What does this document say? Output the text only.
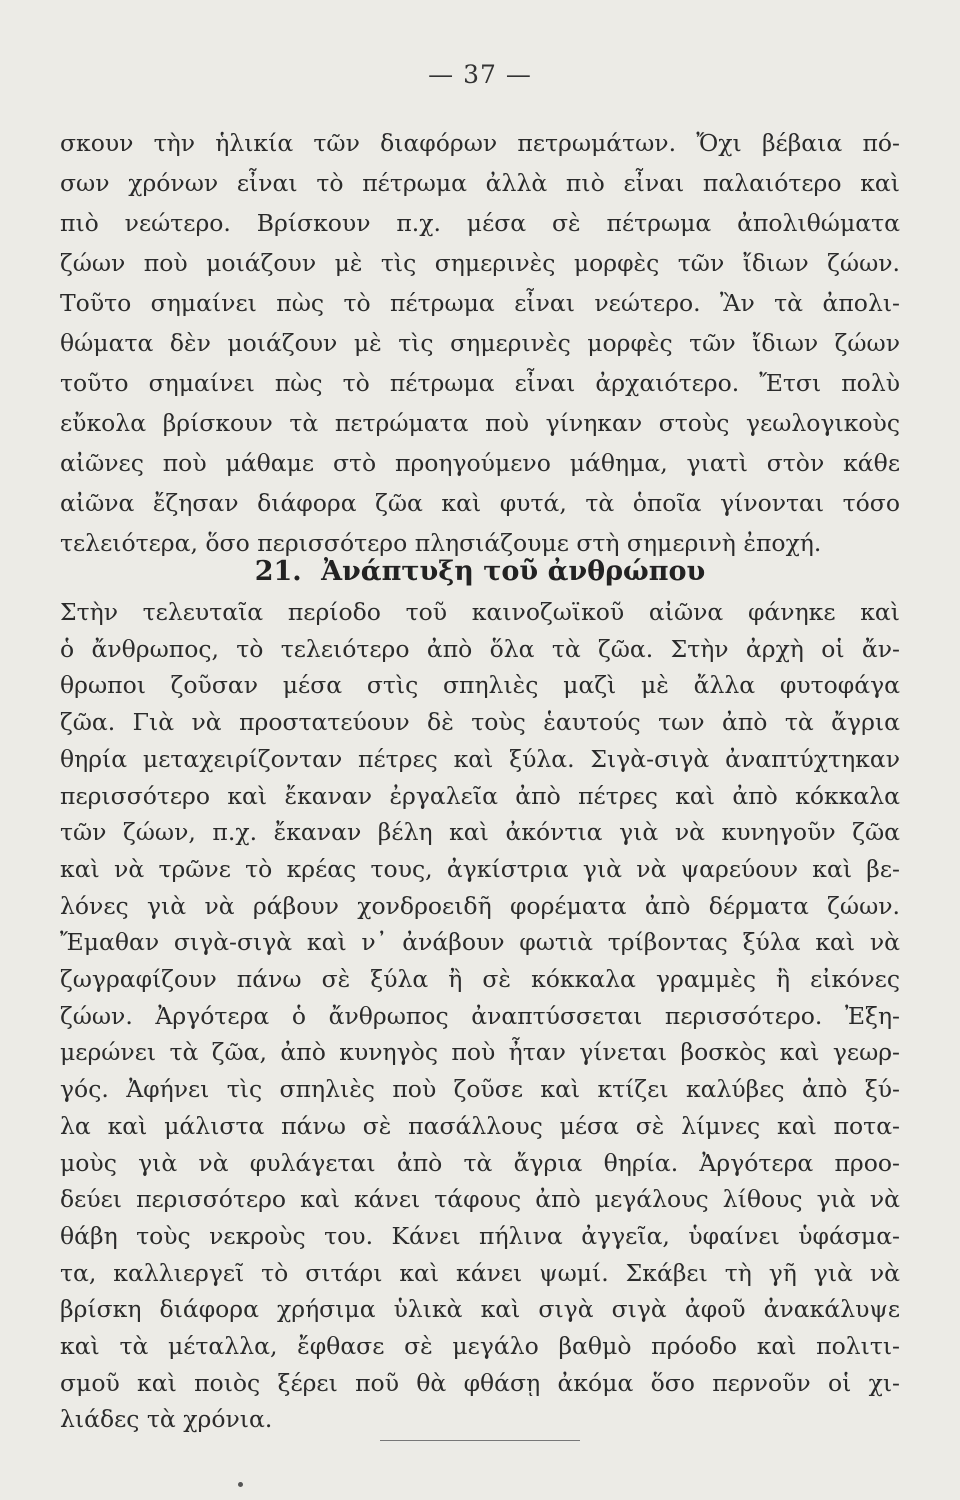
— 37 —
σκουν τὴν ἡλικία τῶν διαφόρων πετρωμάτων. Ὄχι βέβαια πό-
σων χρόνων εἶναι τὸ πέτρωμα ἀλλὰ πιὸ εἶναι παλαιότερο καὶ
πιὸ νεώτερο. Βρίσκουν π.χ. μέσα σὲ πέτρωμα ἀπολιθώματα
ζώων ποὺ μοιάζουν μὲ τὶς σημερινὲς μορφὲς τῶν ἴδιων ζώων.
Τοῦτο σημαίνει πὼς τὸ πέτρωμα εἶναι νεώτερο. Ἂν τὰ ἀπολι-
θώματα δὲν μοιάζουν μὲ τὶς σημερινὲς μορφὲς τῶν ἴδιων ζώων
τοῦτο σημαίνει πὼς τὸ πέτρωμα εἶναι ἀρχαιότερο. Ἔτσι πολὺ
εὔκολα βρίσκουν τὰ πετρώματα ποὺ γίνηκαν στοὺς γεωλογικοὺς
αἰῶνες ποὺ μάθαμε στὸ προηγούμενο μάθημα, γιατὶ στὸν κάθε
αἰῶνα ἔζησαν διάφορα ζῶα καὶ φυτά, τὰ ὁποῖα γίνονται τόσο
τελειότερα, ὅσο περισσότερο πλησιάζουμε στὴ σημερινὴ ἐποχή.
21. Ἀνάπτυξη τοῦ ἀνθρώπου
Στὴν τελευταῖα περίοδο τοῦ καινοζωϊκοῦ αἰῶνα φάνηκε καὶ
ὁ ἄνθρωπος, τὸ τελειότερο ἀπὸ ὅλα τὰ ζῶα. Στὴν ἀρχὴ οἱ ἄν-
θρωποι ζοῦσαν μέσα στὶς σπηλιὲς μαζὶ μὲ ἄλλα φυτοφάγα
ζῶα. Γιὰ νὰ προστατεύουν δὲ τοὺς ἑαυτούς των ἀπὸ τὰ ἄγρια
θηρία μεταχειρίζονταν πέτρες καὶ ξύλα. Σιγὰ-σιγὰ ἀναπτύχτηκαν
περισσότερο καὶ ἔκαναν ἐργαλεῖα ἀπὸ πέτρες καὶ ἀπὸ κόκκαλα
τῶν ζώων, π.χ. ἔκαναν βέλη καὶ ἀκόντια γιὰ νὰ κυνηγοῦν ζῶα
καὶ νὰ τρῶνε τὸ κρέας τους, ἀγκίστρια γιὰ νὰ ψαρεύουν καὶ βε-
λόνες γιὰ νὰ ράβουν χονδροειδῆ φορέματα ἀπὸ δέρματα ζώων.
Ἔμαθαν σιγὰ-σιγὰ καὶ ν᾿ ἀνάβουν φωτιὰ τρίβοντας ξύλα καὶ νὰ
ζωγραφίζουν πάνω σὲ ξύλα ἢ σὲ κόκκαλα γραμμὲς ἢ εἰκόνες
ζώων. Ἀργότερα ὁ ἄνθρωπος ἀναπτύσσεται περισσότερο. Ἐξη-
μερώνει τὰ ζῶα, ἀπὸ κυνηγὸς ποὺ ἦταν γίνεται βοσκὸς καὶ γεωρ-
γός. Ἀφήνει τὶς σπηλιὲς ποὺ ζοῦσε καὶ κτίζει καλύβες ἀπὸ ξύ-
λα καὶ μάλιστα πάνω σὲ πασάλλους μέσα σὲ λίμνες καὶ ποτα-
μοὺς γιὰ νὰ φυλάγεται ἀπὸ τὰ ἄγρια θηρία. Ἀργότερα προο-
δεύει περισσότερο καὶ κάνει τάφους ἀπὸ μεγάλους λίθους γιὰ νὰ
θάβη τοὺς νεκροὺς του. Κάνει πήλινα ἀγγεῖα, ὑφαίνει ὑφάσμα-
τα, καλλιεργεῖ τὸ σιτάρι καὶ κάνει ψωμί. Σκάβει τὴ γῆ γιὰ νὰ
βρίσκη διάφορα χρήσιμα ὑλικὰ καὶ σιγὰ σιγὰ ἀφοῦ ἀνακάλυψε
καὶ τὰ μέταλλα, ἔφθασε σὲ μεγάλο βαθμὸ πρόοδο καὶ πολιτι-
σμοῦ καὶ ποιὸς ξέρει ποῦ θὰ φθάσῃ ἀκόμα ὅσο περνοῦν οἱ χι-
λιάδες τὰ χρόνια.
